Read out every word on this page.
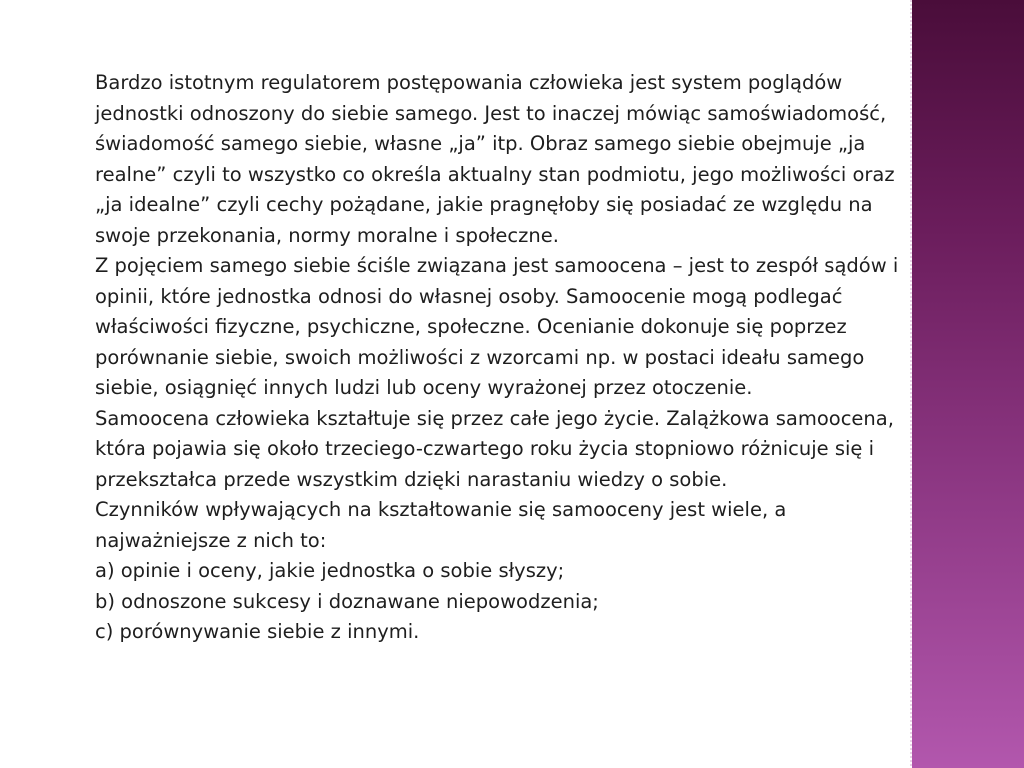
Bardzo istotnym regulatorem postępowania człowieka jest system poglądów jednostki odnoszony do siebie samego. Jest to inaczej mówiąc samoświadomość, świadomość samego siebie, własne „ja” itp. Obraz samego siebie obejmuje „ja realne” czyli to wszystko co określa aktualny stan podmiotu, jego możliwości oraz „ja idealne” czyli cechy pożądane, jakie pragnęłoby się posiadać ze względu na swoje przekonania, normy moralne i społeczne.

Z pojęciem samego siebie ściśle związana jest samoocena – jest to zespół sądów i opinii, które jednostka odnosi do własnej osoby. Samoocenie mogą podlegać właściwości fizyczne, psychiczne, społeczne. Ocenianie dokonuje się poprzez porównanie siebie, swoich możliwości z wzorcami np. w postaci ideału samego siebie, osiągnięć innych ludzi lub oceny wyrażonej przez otoczenie.

Samoocena człowieka kształtuje się przez całe jego życie. Zalążkowa samoocena, która pojawia się około trzeciego-czwartego roku życia stopniowo różnicuje się i przekształca przede wszystkim dzięki narastaniu wiedzy o sobie.

Czynników wpływających na kształtowanie się samooceny jest wiele, a najważniejsze z nich to:

a) opinie i oceny, jakie jednostka o sobie słyszy;

b) odnoszone sukcesy i doznawane niepowodzenia;

c) porównywanie siebie z innymi.
